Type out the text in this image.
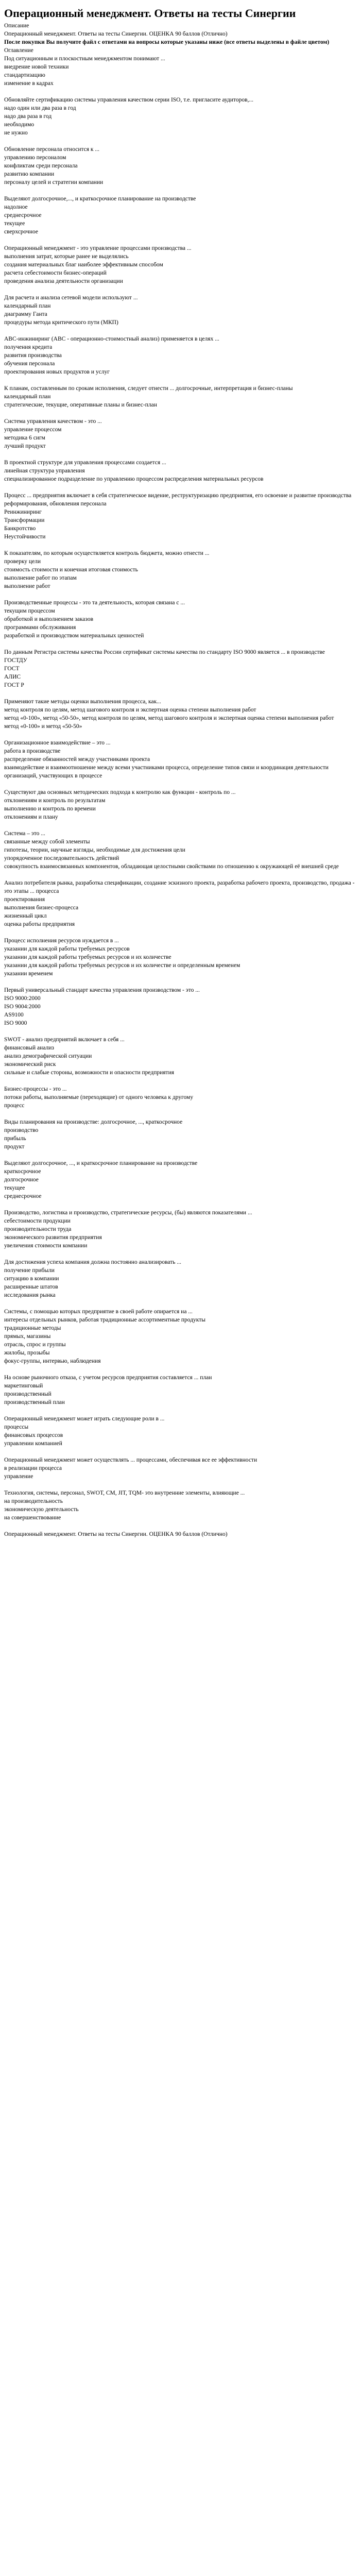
Операционный менеджмент. Ответы на тесты Синергии

Описание

Операционный менеджмент. Ответы на тесты Синергии. ОЦЕНКА 90 баллов (Отлично)

После покупки Вы получите файл с ответами на вопросы которые указаны ниже (все ответы выделены в файле цветом)

Оглавление

Под ситуационным и плоскостным менеджментом понимают ...

внедрение новой техники

стандартизацию

изменение в кадрах

Обновляйте сертификацию системы управления качеством серии ISO, т.е. пригласите аудиторов,...

надо один или два раза в год

надо два раза в год

необходимо

не нужно

Обновление персонала относится к ...

управлению персоналом

конфликтам среди персонала

развитию компании

персоналу целей и стратегии компании

Выделяют долгосрочное,..., и краткосрочное планирование на производстве

надолное

среднесрочное

текущее

сверхсрочное

Операционный менеджмент - это управление процессами производства ...

выполнения затрат, которые ранее не выделялись

создания материальных благ наиболее эффективным способом

расчета себестоимости бизнес-операций

проведения анализа деятельности организации

Для расчета и анализа сетевой модели используют ...

календарный план

диаграмму Ганта

процедуры метода критического пути (МКП)

АВС-инжиниринг (АВС - операционно-стоимостный анализ) применяется в целях ...

получения кредита

развития производства

обучения персонала

проектирования новых продуктов и услуг

К планам, составленным по срокам исполнения, следует отнести ... долгосрочные, интерпретация и бизнес-планы

календарный план

стратегические, текущие, оперативные планы и бизнес-план

Система управления качеством - это ...

управление процессом

методика 6 сигм

лучший продукт

В проектной структуре для управления процессами создается ...

линейная структура управления

специализированное подразделение по управлению процессом распределения материальных ресурсов

Процесс ... предприятия включает в себя стратегическое видение, реструктуризацию предприятия, его освоение и развитие производства

реформирования, обновления персонала

Реинжиниринг

Трансформации

Банкротство

Неустойчивости

К показателям, по которым осуществляется контроль бюджета, можно отнести ...

проверку цели

стоимость стоимости и конечная итоговая стоимость

выполнение работ по этапам

выполнение работ

Производственные процессы - это та деятельность, которая связана с ...

текущим процессом

обработкой и выполнением заказов

программами обслуживания

разработкой и производством материальных ценностей

По данным Регистра системы качества России сертификат системы качества по стандарту ISO 9000 является ... в производстве

ГОСТДУ

ГОСТ

АЛИС

ГОСТ Р

Применяют такие методы оценки выполнения процесса, как...

метод контроля по целям, метод шагового контроля и экспертная оценка степени выполнения работ

метод «0-100», метод «50-50», метод контроля по целям, метод шагового контроля и экспертная оценка степени выполнения работ

метод «0-100» и метод «50-50»

Организационное взаимодействие – это ...

работа в производстве

распределение обязанностей между участниками проекта

взаимодействие и взаимоотношение между всеми участниками процесса, определение типов связи и координация деятельности организаций, участвующих в процессе

Существуют два основных методических подхода к контролю как функции - контроль по ...

отклонениям и контроль по результатам

выполнению и контроль по времени

отклонениям и плану

Система – это ...

связанные между собой элементы

гипотезы, теории, научные взгляды, необходимые для достижения цели

упорядоченное последовательность действий

совокупность взаимосвязанных компонентов, обладающая целостными свойствами по отношению к окружающей её внешней среде

Анализ потребителя рынка, разработка спецификации, создание эскизного проекта, разработка рабочего проекта, производство, продажа - это этапы ... процесса

проектирования

выполнения бизнес-процесса

жизненный цикл

оценка работы предприятия

Процесс исполнения ресурсов нуждается в ...

указании для каждой работы требуемых ресурсов

указании для каждой работы требуемых ресурсов и их количестве

указании для каждой работы требуемых ресурсов и их количестве и определенным временем

указании временем

Первый универсальный стандарт качества управления производством - это ...

ISO 9000:2000

ISO 9004:2000

AS9100

ISO 9000

SWOT - анализ предприятий включает в себя ...

финансовый анализ

анализ демографической ситуации

экономический риск

сильные и слабые стороны, возможности и опасности предприятия

Бизнес-процессы - это ...

потоки работы, выполняемые (переходящие) от одного человека к другому

процесс

Виды планирования на производстве: долгосрочное, ..., краткосрочное

производство

прибыль

продукт

Выделяют долгосрочное, ..., и краткосрочное планирование на производстве

краткосрочное

долгосрочное

текущее

среднесрочное

Производство, логистика и производство, стратегические ресурсы, (бы) являются показателями ...

себестоимости продукции

производительности труда

экономического развития предприятия

увеличения стоимости компании

Для достижения успеха компания должна постоянно анализировать ...

получение прибыли

ситуацию в компании

расширенные штатов

исследования рынка

Системы, с помощью которых предприятие в своей работе опирается на ...

интересы отдельных рынков, работая традиционные ассортиментные продукты

традиционные методы

прямых, магазины

отрасль, спрос и группы

жилобы, прозыбы

фокус-группы, интервью, наблюдения

На основе рыночного отказа, с учетом ресурсов предприятия составляется ... план

маркетинговый

производственный

производственный план

Операционный менеджмент может играть следующие роли в ...

процессы

финансовых процессов

управлении компанией

Операционный менеджмент может осуществлять ... процессами, обеспечивая все ее эффективности

в реализации процесса

управление

Технология, системы, персонал, SWOT, СМ, JIT, TQM- это внутренние элементы, влияющие ...

на производительность

экономическую деятельность

на совершенствование

Операционный менеджмент. Ответы на тесты Синергии. ОЦЕНКА 90 баллов (Отлично)
